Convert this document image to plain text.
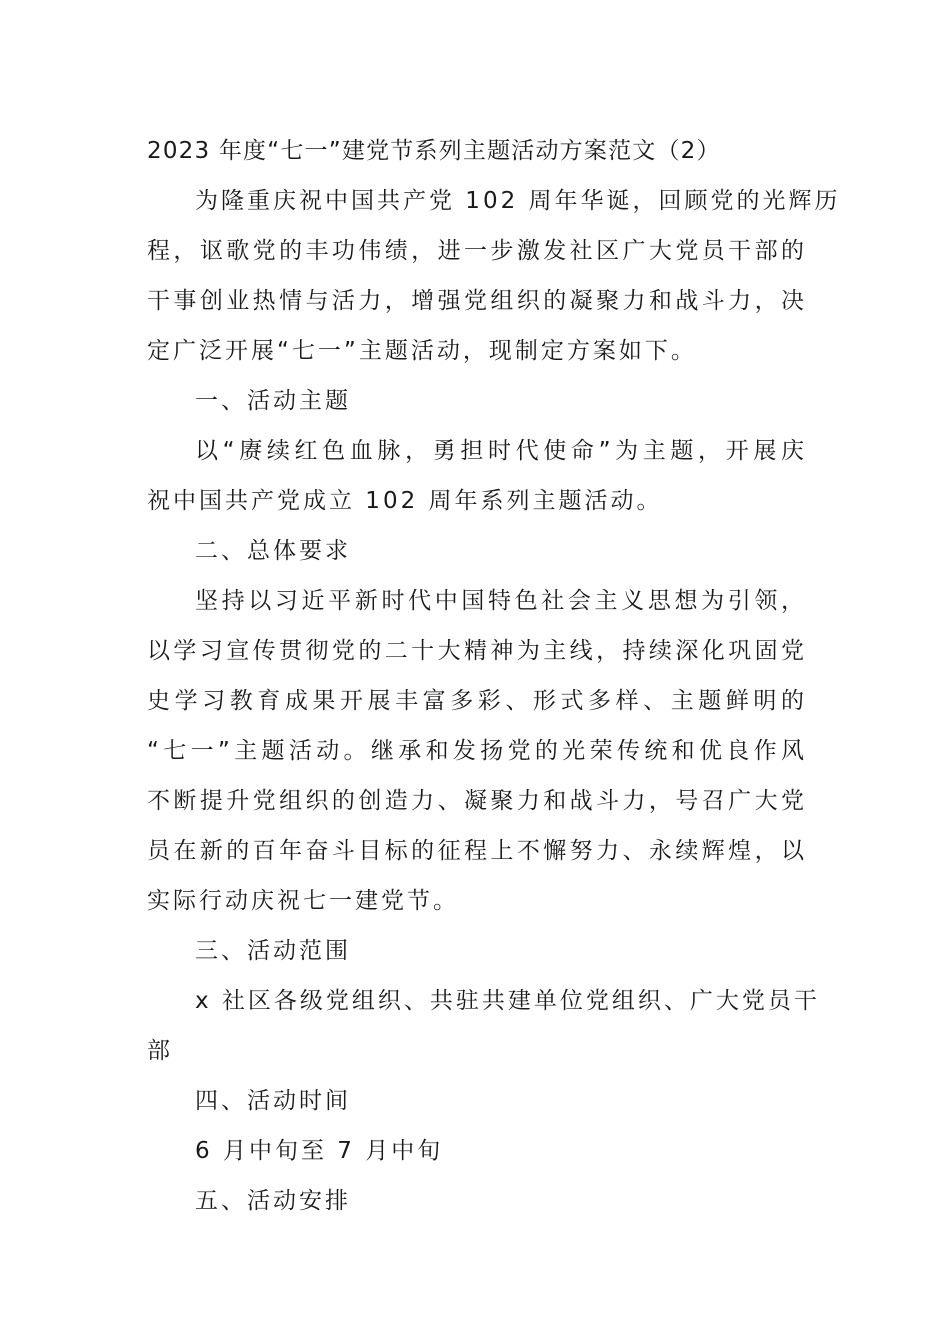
2023 年度“七一”建党节系列主题活动方案范文（2）
为隆重庆祝中国共产党 102 周年华诞，回顾党的光辉历
程，讴歌党的丰功伟绩，进一步激发社区广大党员干部的
干事创业热情与活力，增强党组织的凝聚力和战斗力，决
定广泛开展“七一”主题活动，现制定方案如下。
一、活动主题
以“赓续红色血脉，勇担时代使命”为主题，开展庆
祝中国共产党成立 102 周年系列主题活动。
二、总体要求
坚持以习近平新时代中国特色社会主义思想为引领，
以学习宣传贯彻党的二十大精神为主线，持续深化巩固党
史学习教育成果开展丰富多彩、形式多样、主题鲜明的
“七一”主题活动。继承和发扬党的光荣传统和优良作风
不断提升党组织的创造力、凝聚力和战斗力，号召广大党
员在新的百年奋斗目标的征程上不懈努力、永续辉煌，以
实际行动庆祝七一建党节。
三、活动范围
x 社区各级党组织、共驻共建单位党组织、广大党员干
部
四、活动时间
6 月中旬至 7 月中旬
五、活动安排
